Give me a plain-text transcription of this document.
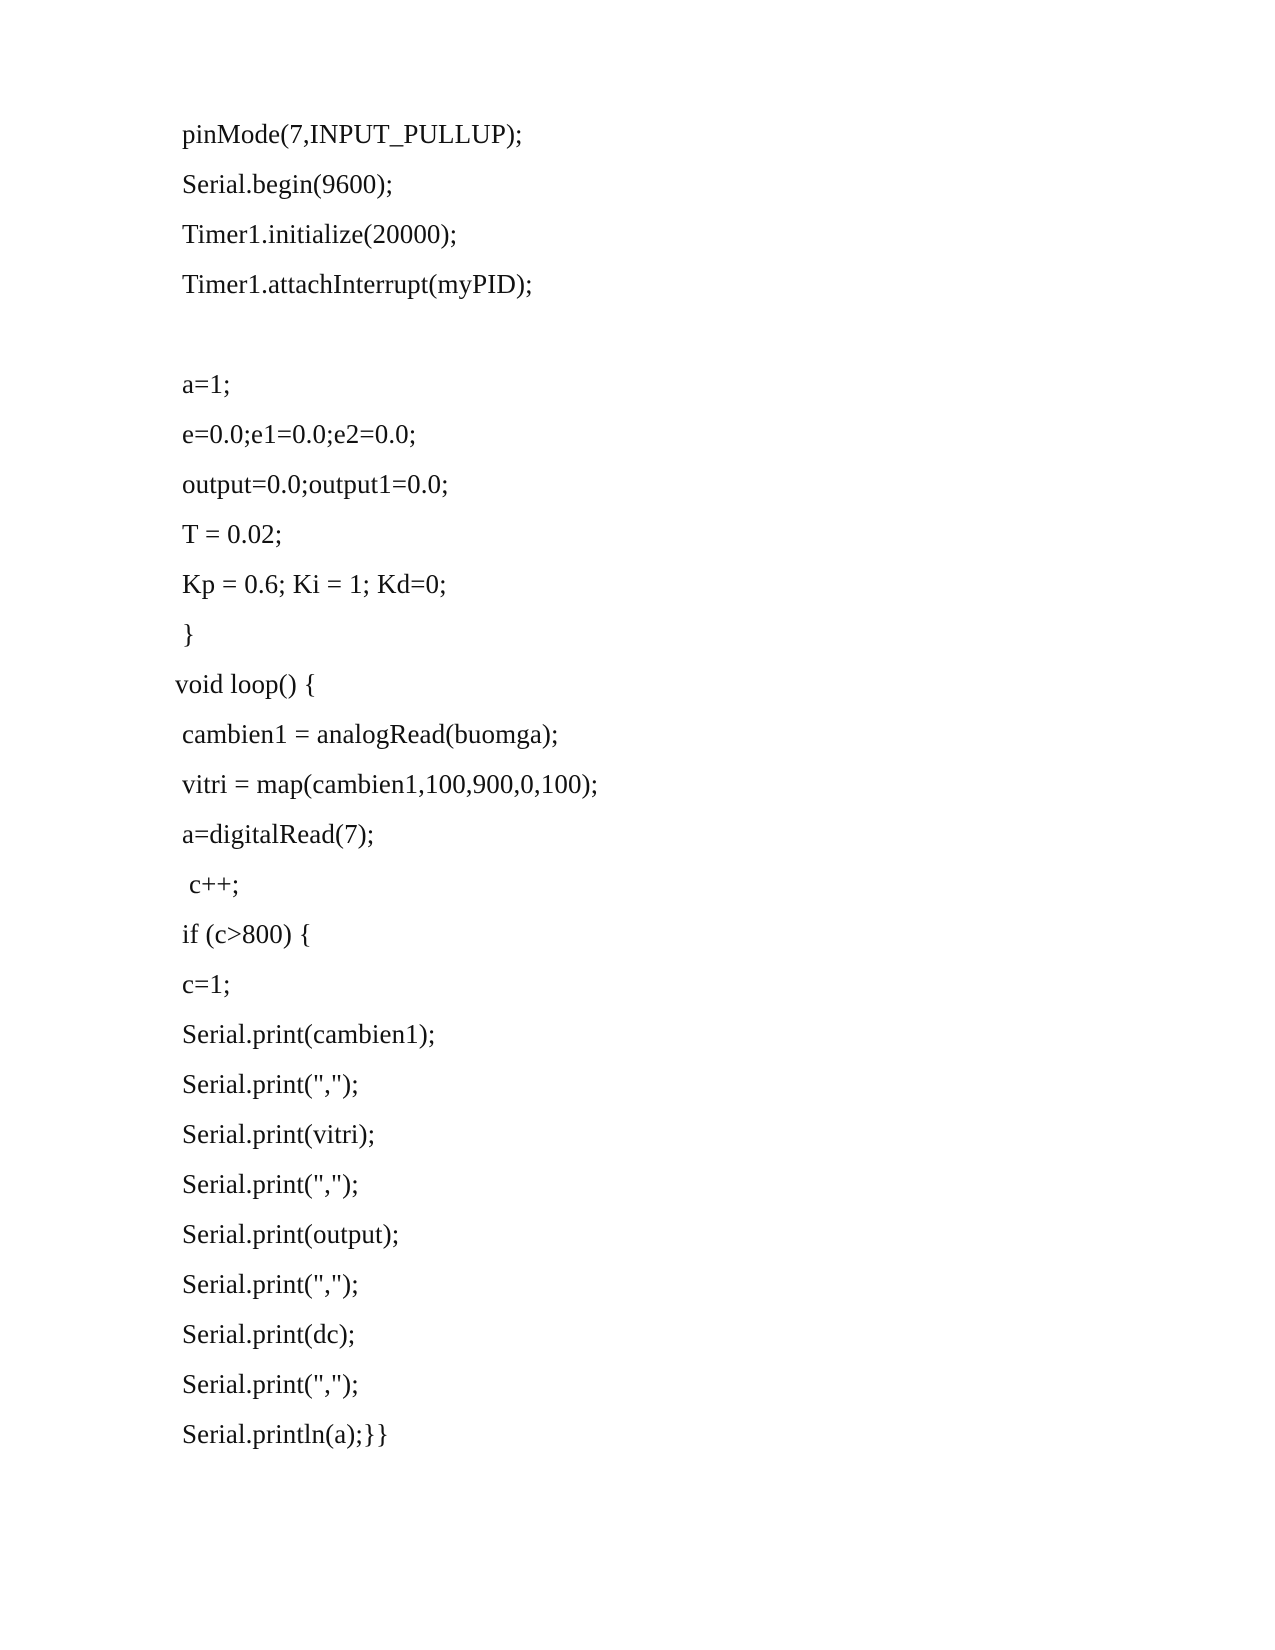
pinMode(7,INPUT_PULLUP);
Serial.begin(9600);
Timer1.initialize(20000);
Timer1.attachInterrupt(myPID);
a=1;
e=0.0;e1=0.0;e2=0.0;
output=0.0;output1=0.0;
T = 0.02;
Kp = 0.6; Ki = 1; Kd=0;
}
void loop() {
cambien1 = analogRead(buomga);
vitri = map(cambien1,100,900,0,100);
a=digitalRead(7);
c++;
if (c>800) {
c=1;
Serial.print(cambien1);
Serial.print(",");
Serial.print(vitri);
Serial.print(",");
Serial.print(output);
Serial.print(",");
Serial.print(dc);
Serial.print(",");
Serial.println(a);}}
